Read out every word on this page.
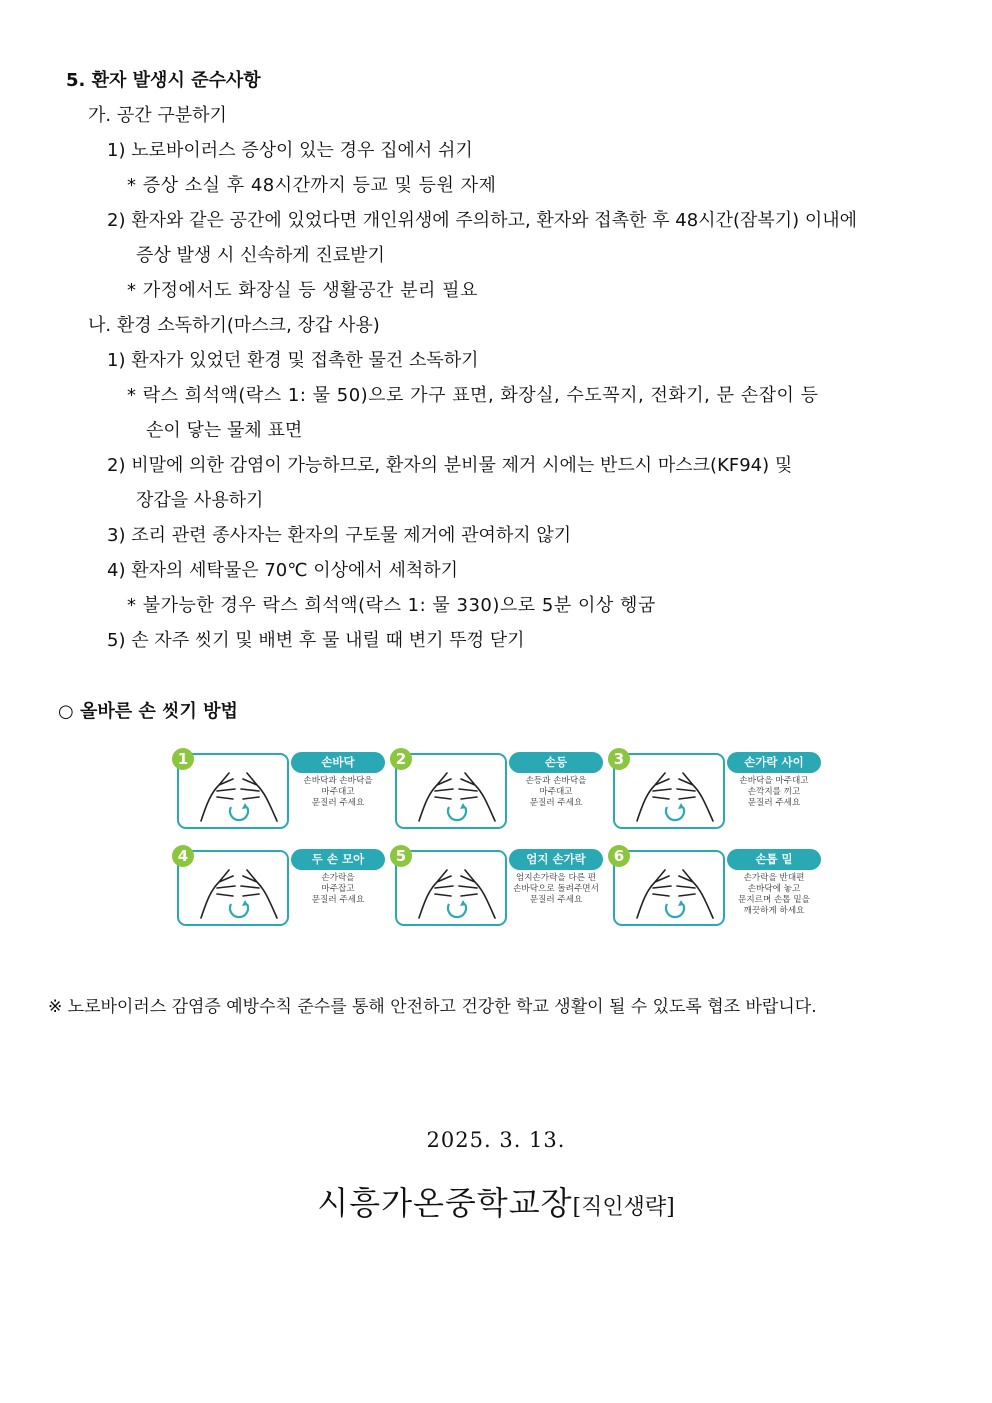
5. 환자 발생시 준수사항
가. 공간 구분하기
1) 노로바이러스 증상이 있는 경우 집에서 쉬기
* 증상 소실 후 48시간까지 등교 및 등원 자제
2) 환자와 같은 공간에 있었다면 개인위생에 주의하고, 환자와 접촉한 후 48시간(잠복기) 이내에
증상 발생 시 신속하게 진료받기
* 가정에서도 화장실 등 생활공간 분리 필요
나. 환경 소독하기(마스크, 장갑 사용)
1) 환자가 있었던 환경 및 접촉한 물건 소독하기
* 락스 희석액(락스 1: 물 50)으로 가구 표면, 화장실, 수도꼭지, 전화기, 문 손잡이 등
손이 닿는 물체 표면
2) 비말에 의한 감염이 가능하므로, 환자의 분비물 제거 시에는 반드시 마스크(KF94) 및
장갑을 사용하기
3) 조리 관련 종사자는 환자의 구토물 제거에 관여하지 않기
4) 환자의 세탁물은 70℃ 이상에서 세척하기
* 불가능한 경우 락스 희석액(락스 1: 물 330)으로 5분 이상 헹굼
5) 손 자주 씻기 및 배변 후 물 내릴 때 변기 뚜껑 닫기
○ 올바른 손 씻기 방법
1	손바닥
손바닥과 손바닥을
마주대고
문질러 주세요
2	손등
손등과 손바닥을
마주대고
문질러 주세요
3	손가락 사이
손바닥을 마주대고
손깍지를 끼고
문질러 주세요
4	두 손 모아
손가락을
마주잡고
문질러 주세요
5	엄지 손가락
엄지손가락을 다른 편
손바닥으로 돌려주면서
문질러 주세요
6	손톱 밑
손가락을 반대편
손바닥에 놓고
문지르며 손톱 밑을
깨끗하게 하세요
※ 노로바이러스 감염증 예방수칙 준수를 통해 안전하고 건강한 학교 생활이 될 수 있도록 협조 바랍니다.
2025. 3. 13.
시흥가온중학교장[직인생략]
